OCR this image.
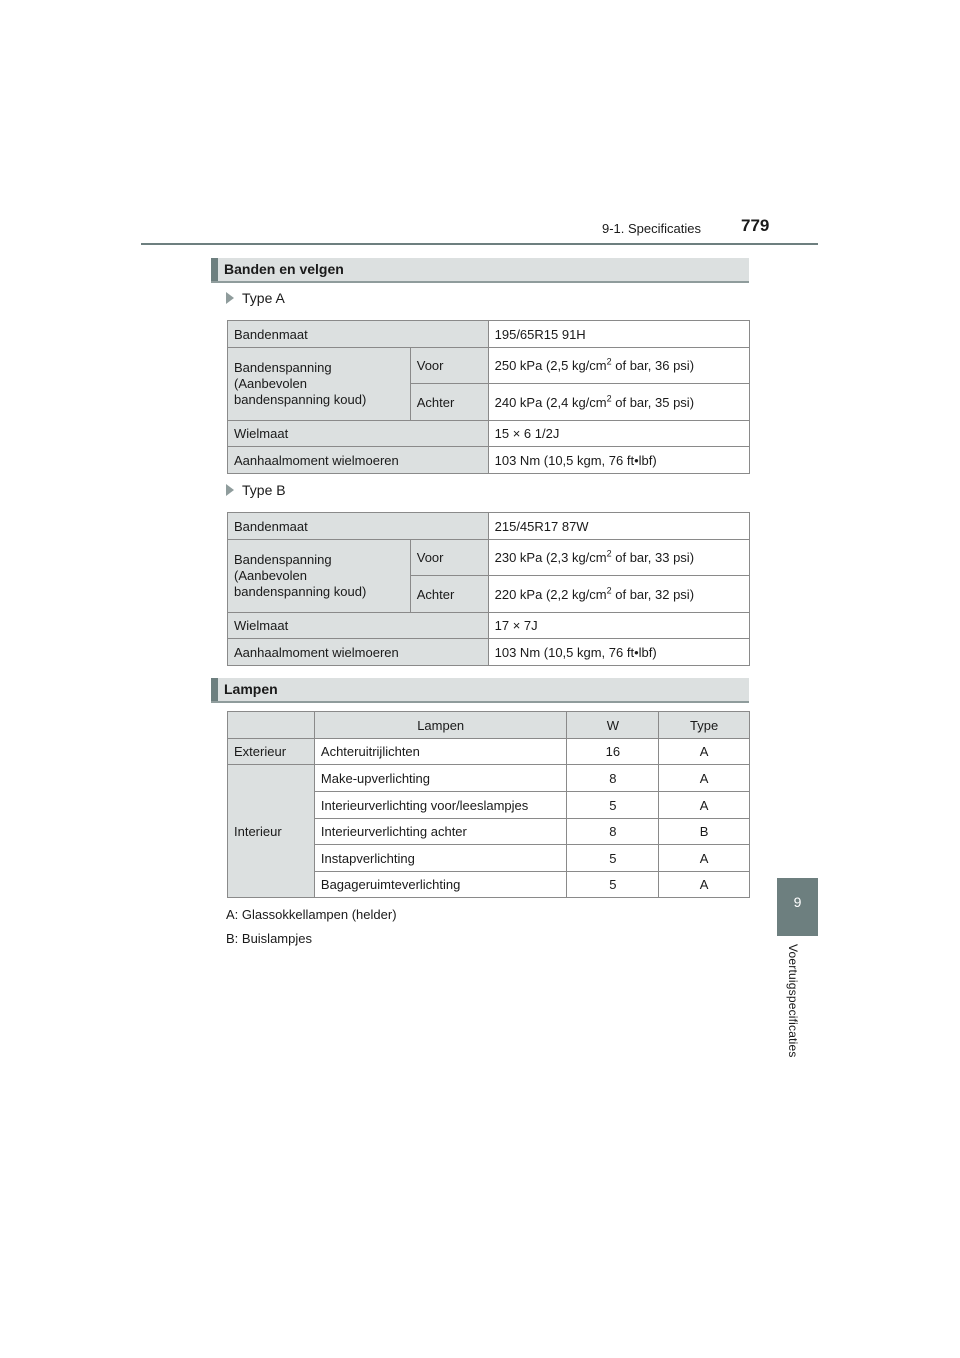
9-1. Specificaties 779
9
Voertuigspecificaties
Banden en velgen
Type A
Bandenmaat		195/65R15 91H
Bandenspanning (Aanbevolen bandenspanning koud)	Voor	250 kPa (2,5 $kg/cm^2$ of bar, 36 psi)
	Achter	240 kPa (2,4 $kg/cm^2$ of bar, 35 psi)
Wielmaat		15 × 6 1/2J
Aanhaalmoment wielmoeren		103 Nm (10,5 kgm, 76 ft•lbf)
Type B
Bandenmaat		215/45R17 87W
Bandenspanning (Aanbevolen bandenspanning koud)	Voor	230 kPa (2,3 $kg/cm^2$ of bar, 33 psi)
	Achter	220 kPa (2,2 $kg/cm^2$ of bar, 32 psi)
Wielmaat		17 × 7J
Aanhaalmoment wielmoeren		103 Nm (10,5 kgm, 76 ft•lbf)
Lampen
	Lampen	W	Type
Exterieur	Achteruitrijlichten	16	A
Interieur	Make-upverlichting	8	A
	Interieurverlichting voor/leeslampjes	5	A
	Interieurverlichting achter	8	B
	Instapverlichting	5	A
	Bagageruimteverlichting	5	A
A: Glassokkellampen (helder)
B: Buislampjes
